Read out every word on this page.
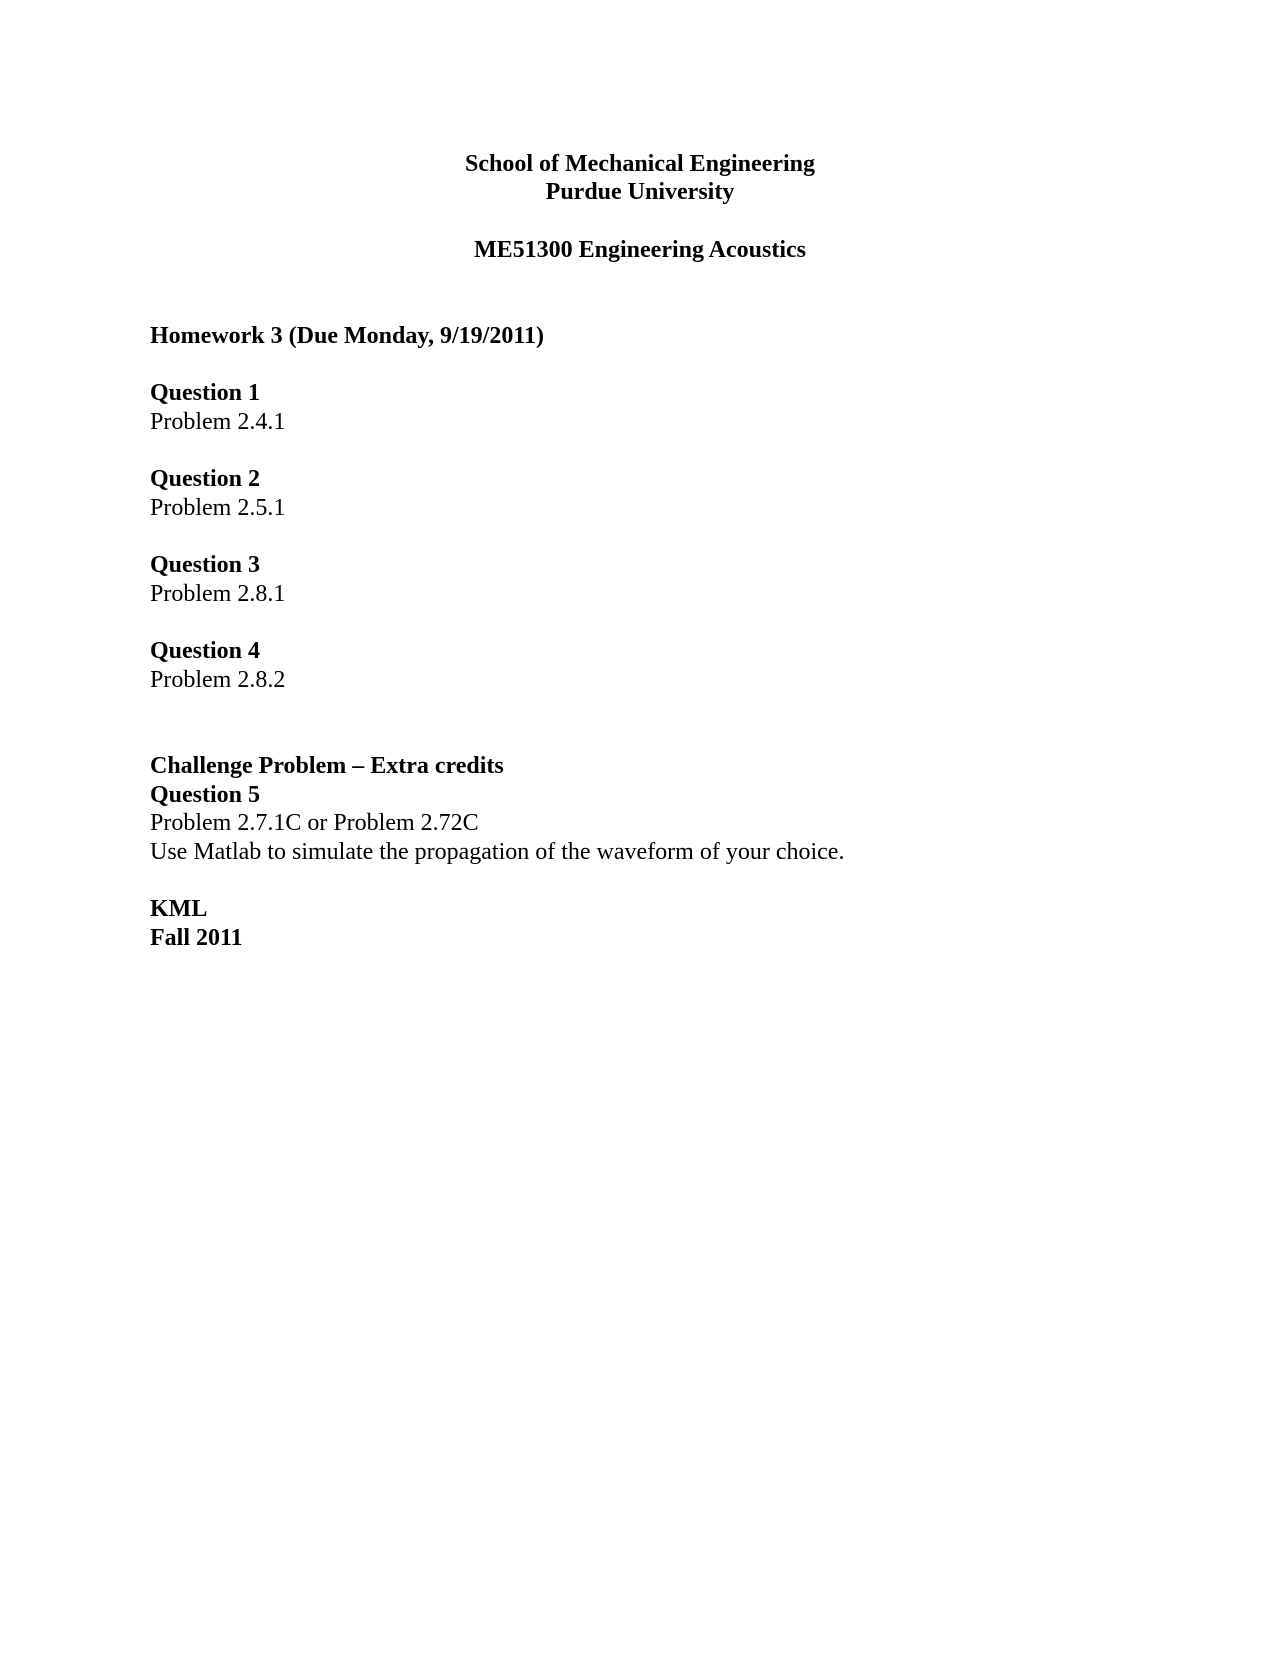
School of Mechanical Engineering
Purdue University
ME51300 Engineering Acoustics
Homework 3 (Due Monday, 9/19/2011)
Question 1
Problem 2.4.1
Question 2
Problem 2.5.1
Question 3
Problem 2.8.1
Question 4
Problem 2.8.2
Challenge Problem – Extra credits
Question 5
Problem 2.7.1C or Problem 2.72C
Use Matlab to simulate the propagation of the waveform of your choice.
KML
Fall 2011
